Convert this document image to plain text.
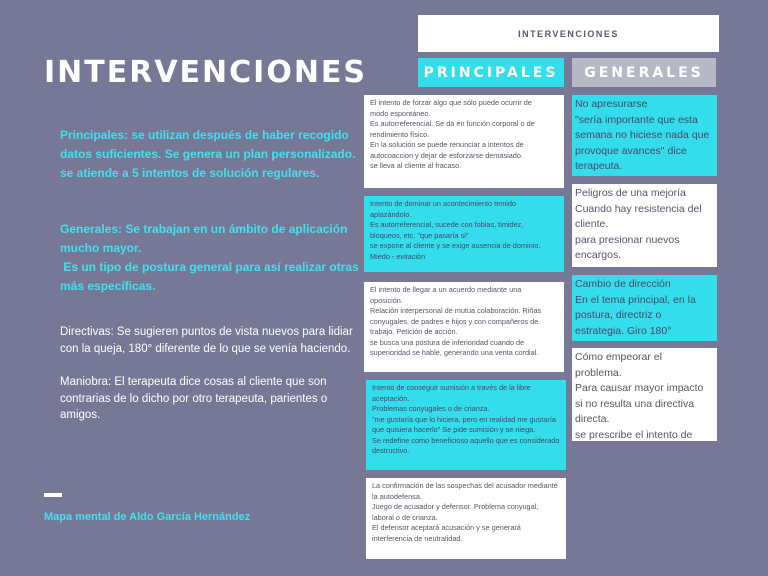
INTERVENCIONES
Principales: se utilizan después de haber recogido datos suficientes. Se genera un plan personalizado. se atiende a 5 intentos de solución regulares.
Generales: Se trabajan en un ámbito de aplicación mucho mayor.
Es un tipo de postura general para así realizar otras más específicas.
Directivas: Se sugieren puntos de vista nuevos para lidiar con la queja, 180° diferente de lo que se venía haciendo.
Maniobra: El terapeuta dice cosas al cliente que son contrarias de lo dicho por otro terapeuta, parientes o amigos.
Mapa mental de Aldo García Hernández
INTERVENCIONES
PRINCIPALES	GENERALES
El intento de forzar algo que sólo puede ocurrir de
modo espontáneo.
Es autorreferencial. Se da en función corporal o de
rendimiento físico.
En la solución se puede renunciar a intentos de
autocoaccion y dejar de esforzarse demasiado.
se lleva al cliente al fracaso.
Intento de dominar un acontecimiento temido
aplazándolo.
Es autorreferencial, sucede con fobias, timidez,
bloqueos, etc. "que pasaría si"
se expone al cliente y se exige ausencia de dominio.
Miedo - evitación
El intento de llegar a un acuerdo mediante una
oposición.
Relación interpersonal de mutua colaboración. Riñas
conyugales, de padres e hijos y con compañeros de
trabajo. Petición de acción.
se busca una postura de inferioridad cuando de
superioridad se hable, generando una venta cordial.
Intento de conseguir sumisión a través de la libre
aceptación.
Problemas conyugales o de crianza.
"me gustaría que lo hiciera, pero en realidad me gustaría
que quisiera hacerlo" Se pide sumisión y se niega.
Se redefine como beneficioso aquello que es considerado
destructivo.
La confirmación de las sospechas del acusador mediante
la autodefensa.
Juego de acusador y defensor. Problema conyugal,
laboral o de crianza.
El defensor aceptará acusación y se generará
interferencia de neutralidad.
No apresurarse
"sería importante que esta
semana no hiciese nada que
provoque avances" dice
terapeuta.
Peligros de una mejoría
Cuando hay resistencia del
cliente.
para presionar nuevos
encargos.
Cambio de dirección
En el tema principal, en la
postura, directriz o
estrategia. Giro 180°
Cómo empeorar el
problema.
Para causar mayor impacto
si no resulta una directiva
directa.
se prescribe el intento de
